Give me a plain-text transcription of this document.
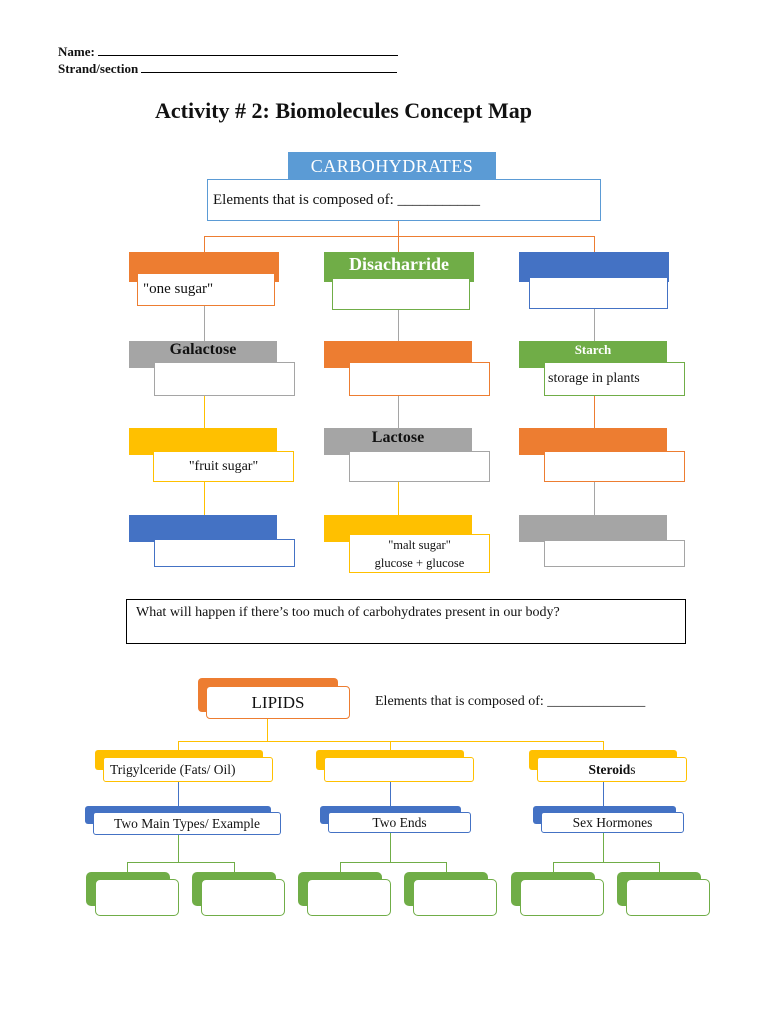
Name:
Strand/section
Activity # 2: Biomolecules Concept Map
CARBOHYDRATES
Elements that is composed of: ___________
"one sugar"
Disacharride
Galactose	Starch
storage in plants
"fruit sugar"
Lactose
"malt sugar"
glucose + glucose
What will happen if there’s too much of carbohydrates present in our body?
LIPIDS	Elements that is composed of: ______________
Trigylceride (Fats/ Oil)	Steroid s
Two Main Types/ Example	Two Ends	Sex Hormones
